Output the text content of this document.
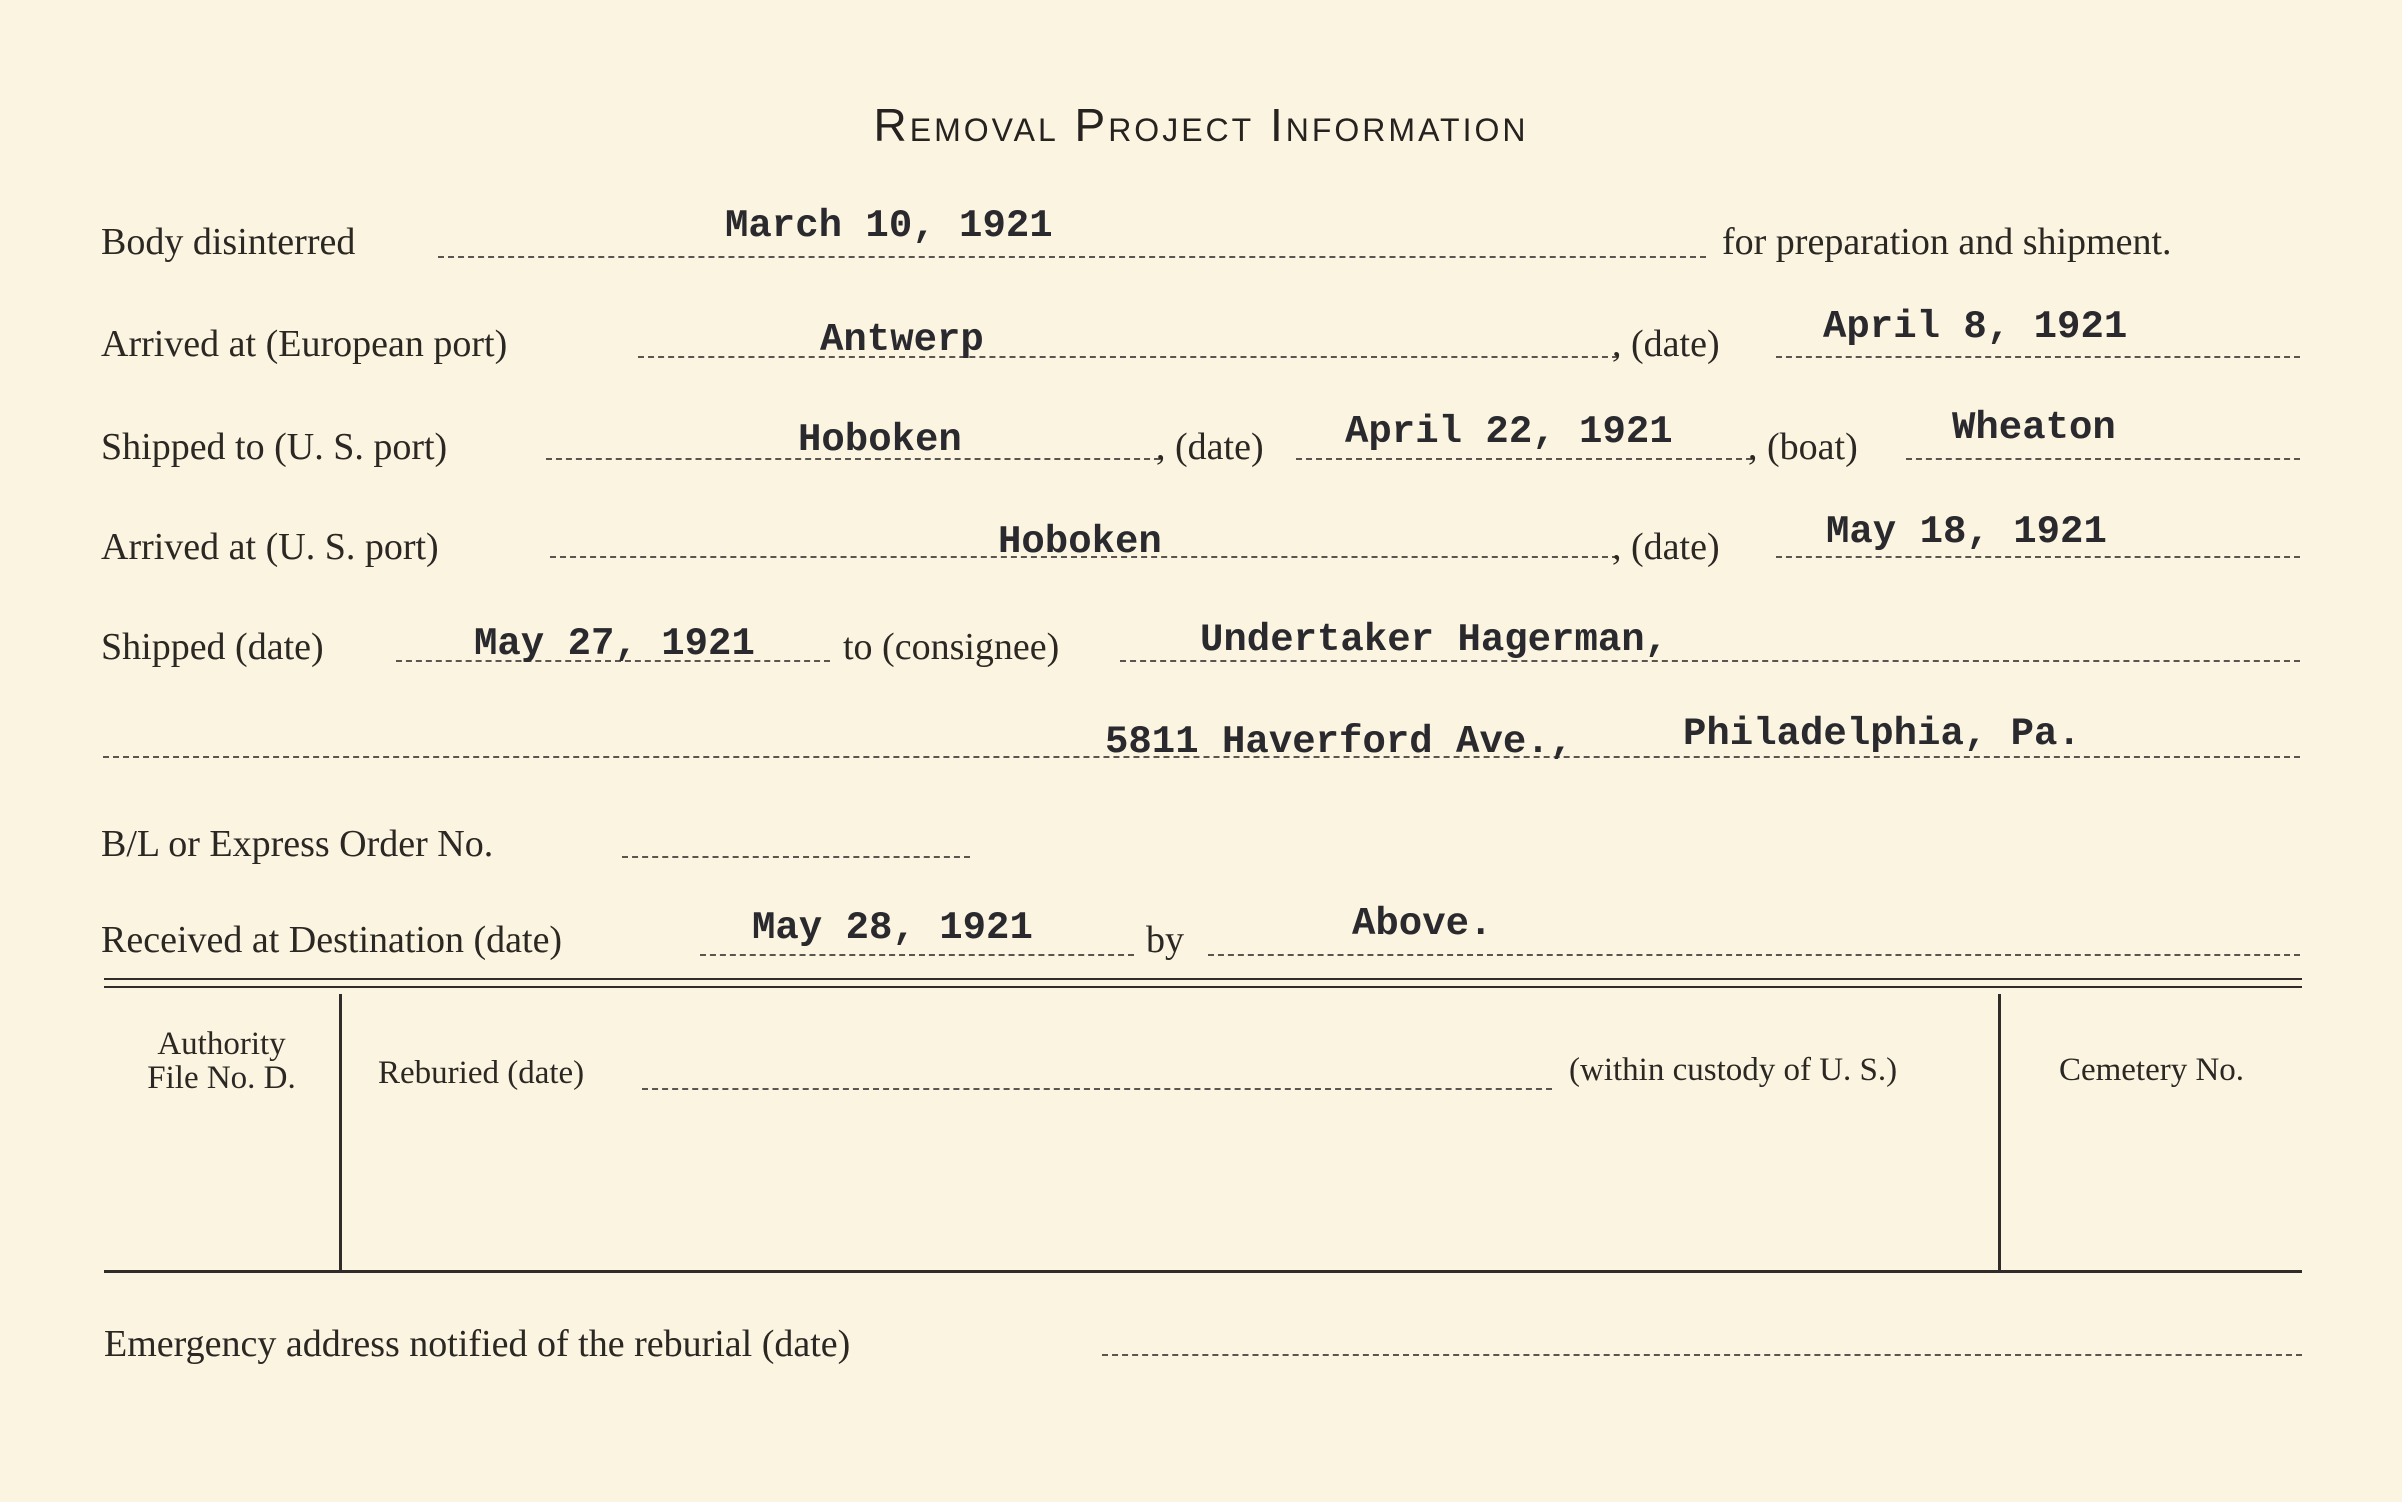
Removal Project Information
Body disinterred	March 10, 1921	for preparation and shipment.
Arrived at (European port)	Antwerp	, (date)	April 8, 1921
Shipped to (U. S. port)	Hoboken	, (date) April 22, 1921 , (boat) Wheaton
Arrived at (U. S. port)	Hoboken	, (date)	May 18, 1921
Shipped (date)	May 27, 1921 to (consignee)	Undertaker Hagerman,
5811 Haverford Ave.,	Philadelphia, Pa.
B/L or Express Order No.
Received at Destination (date)	May 28, 1921	by	Above.
Authority
File No. D.	Reburied (date)	(within custody of U. S.)	Cemetery No.
Emergency address notified of the reburial (date)
